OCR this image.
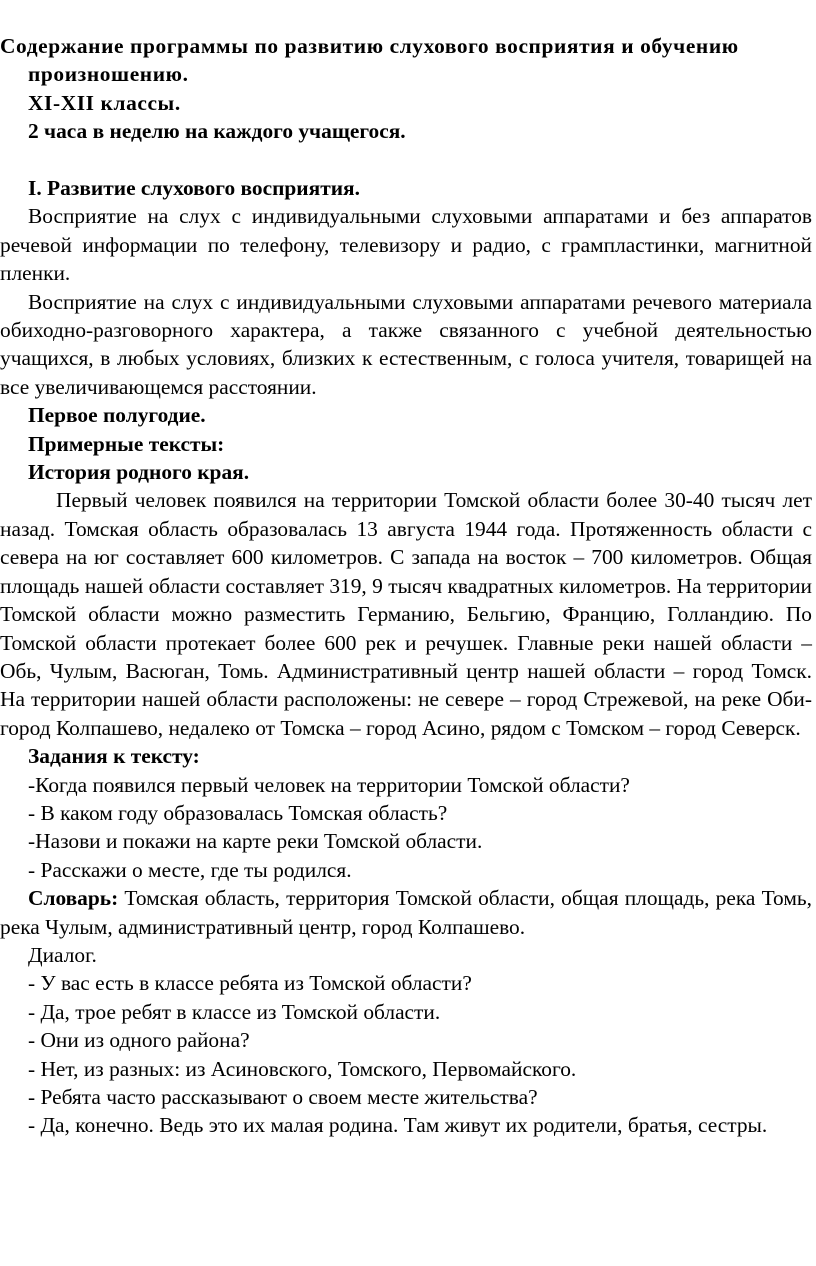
Содержание программы по развитию слухового восприятия и обучению произношению.

XI-XII классы.

2 часа в неделю на каждого учащегося.

I. Развитие слухового восприятия.

Восприятие на слух с индивидуальными слуховыми аппаратами и без аппаратов речевой информации по телефону, телевизору и радио, с грампластинки, магнитной пленки.

Восприятие на слух с индивидуальными слуховыми аппаратами речевого материала обиходно-разговорного характера, а также связанного с учебной деятельностью учащихся, в любых условиях, близких к естественным, с голоса учителя, товарищей на все увеличивающемся расстоянии.

Первое полугодие.

Примерные тексты:

История родного края.

Первый человек появился на территории Томской области более 30-40 тысяч лет назад. Томская область образовалась 13 августа 1944 года. Протяженность области с севера на юг составляет 600 километров. С запада на восток – 700 километров. Общая площадь нашей области составляет 319, 9 тысяч квадратных километров. На территории Томской области можно разместить Германию, Бельгию, Францию, Голландию. По Томской области протекает более 600 рек и речушек. Главные реки нашей области – Обь, Чулым, Васюган, Томь. Административный центр нашей области – город Томск. На территории нашей области расположены: не севере – город Стрежевой, на реке Оби- город Колпашево, недалеко от Томска – город Асино, рядом с Томском – город Северск.

Задания к тексту:

-Когда появился первый человек на территории Томской области?

- В каком году образовалась Томская область?

-Назови и покажи на карте реки Томской области.

- Расскажи о месте, где ты родился.

Словарь: Томская область, территория Томской области, общая площадь, река Томь, река Чулым, административный центр, город Колпашево.

Диалог.

- У вас есть в классе ребята из Томской области?

- Да, трое ребят в классе из Томской области.

- Они из одного района?

- Нет, из разных: из Асиновского, Томского, Первомайского.

- Ребята часто рассказывают о своем месте жительства?

- Да, конечно. Ведь это их малая родина. Там живут их родители, братья, сестры.
